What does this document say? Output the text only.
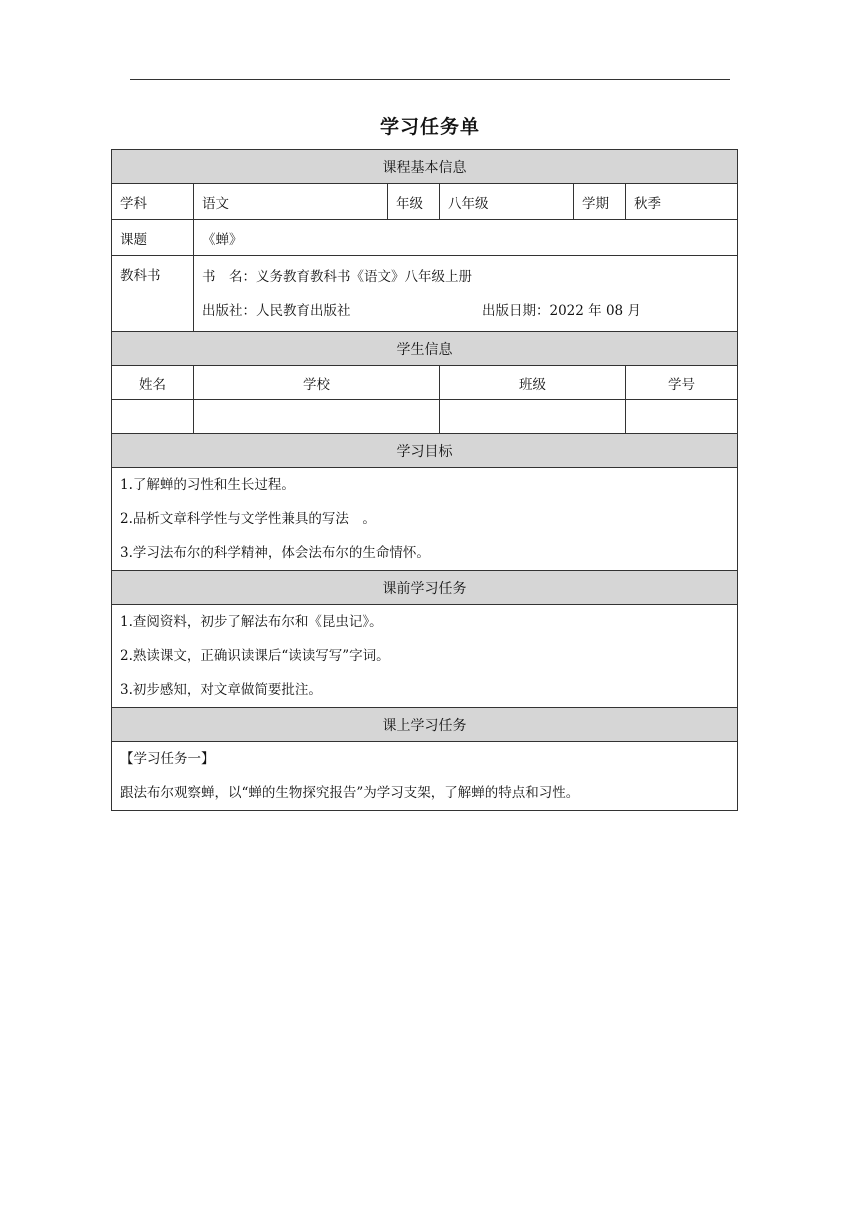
学习任务单
课程基本信息					
学科	语文	年级	八年级	学期	秋季
课题	《蝉》				
教科书	书　名：义务教育教科书《语文》八年级上册
出版社：人民教育出版社 出版日期：2022 年 08 月				

学生信息					
姓名	学校		班级		学号

学习目标					

1.了解蝉的习性和生长过程。
2.品析文章科学性与文学性兼具的写法　。
3.学习法布尔的科学精神，体会法布尔的生命情怀。					

课前学习任务					

1.查阅资料，初步了解法布尔和《昆虫记》。
2.熟读课文，正确识读课后“读读写写”字词。
3.初步感知，对文章做简要批注。					

课上学习任务					

【学习任务一】
跟法布尔观察蝉，以“蝉的生物探究报告”为学习支架，了解蝉的特点和习性。					
